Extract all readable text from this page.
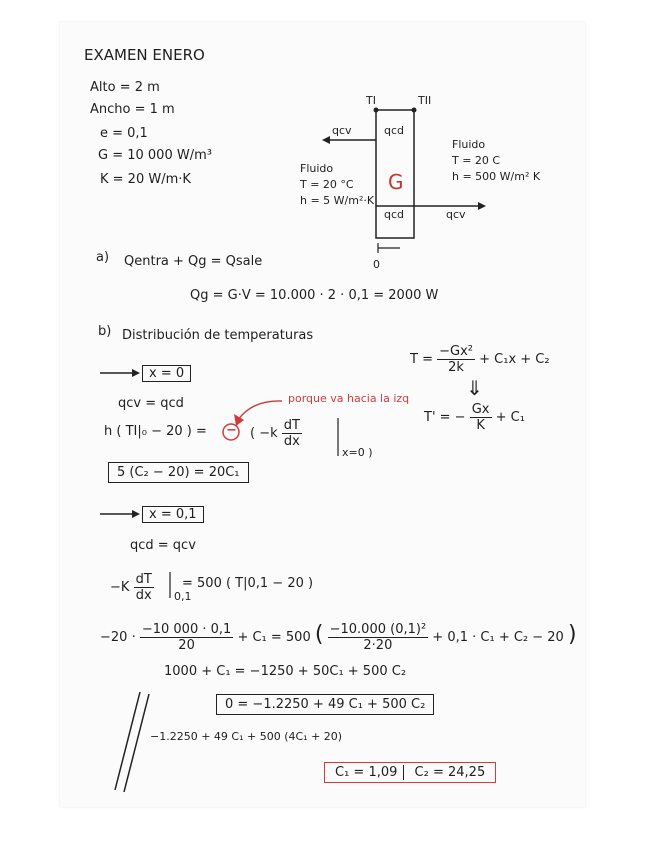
EXAMEN ENERO
Alto = 2 m
Ancho = 1 m
e = 0,1
G = 10 000 W/m³
K = 20 W/m·K
TI	TII
qcv	qcd
Fluido
T = 20 °C
h = 5 W/m²·K
Fluido
T = 20 C
h = 500 W/m² K
G
qcd	qcv
0
a) Qentra + Qg = Qsale
Qg = G·V = 10.000 · 2 · 0,1 = 2000 W
b) Distribución de temperaturas
$T = \frac{\text{−Gx²}}{2k} + C_1x + C_2$
⇓
T' = − $\frac{Gx}{K} + C_1$
x = 0
qcv = qcd	porque va hacia la izq
h ( TI|₀ − 20 ) = − ( $-k \frac{dT}{dx}$
x=0 )
5 (C₂ − 20) = 20C₁
x = 0,1
qcd = qcv
$-K \frac{dT}{dx} 0,1$
= 500 ( T|0,1 − 20 )
$-20 \cdot \frac{-10 000 \cdot 0,1}{20} + C_1 = 500$ ( $\frac{\text{−10.000 (0,1)²}}{2\cdot 20} + 0,1 \cdot C_1 + C_2 - 20$ )
1000 + C₁ = −1250 + 50C₁ + 500 C₂
0 = −1.2250 + 49 C₁ + 500 C₂
−1.2250 + 49 C₁ + 500 (4C₁ + 20)
C₁ = 1,09 C₂ = 24,25
